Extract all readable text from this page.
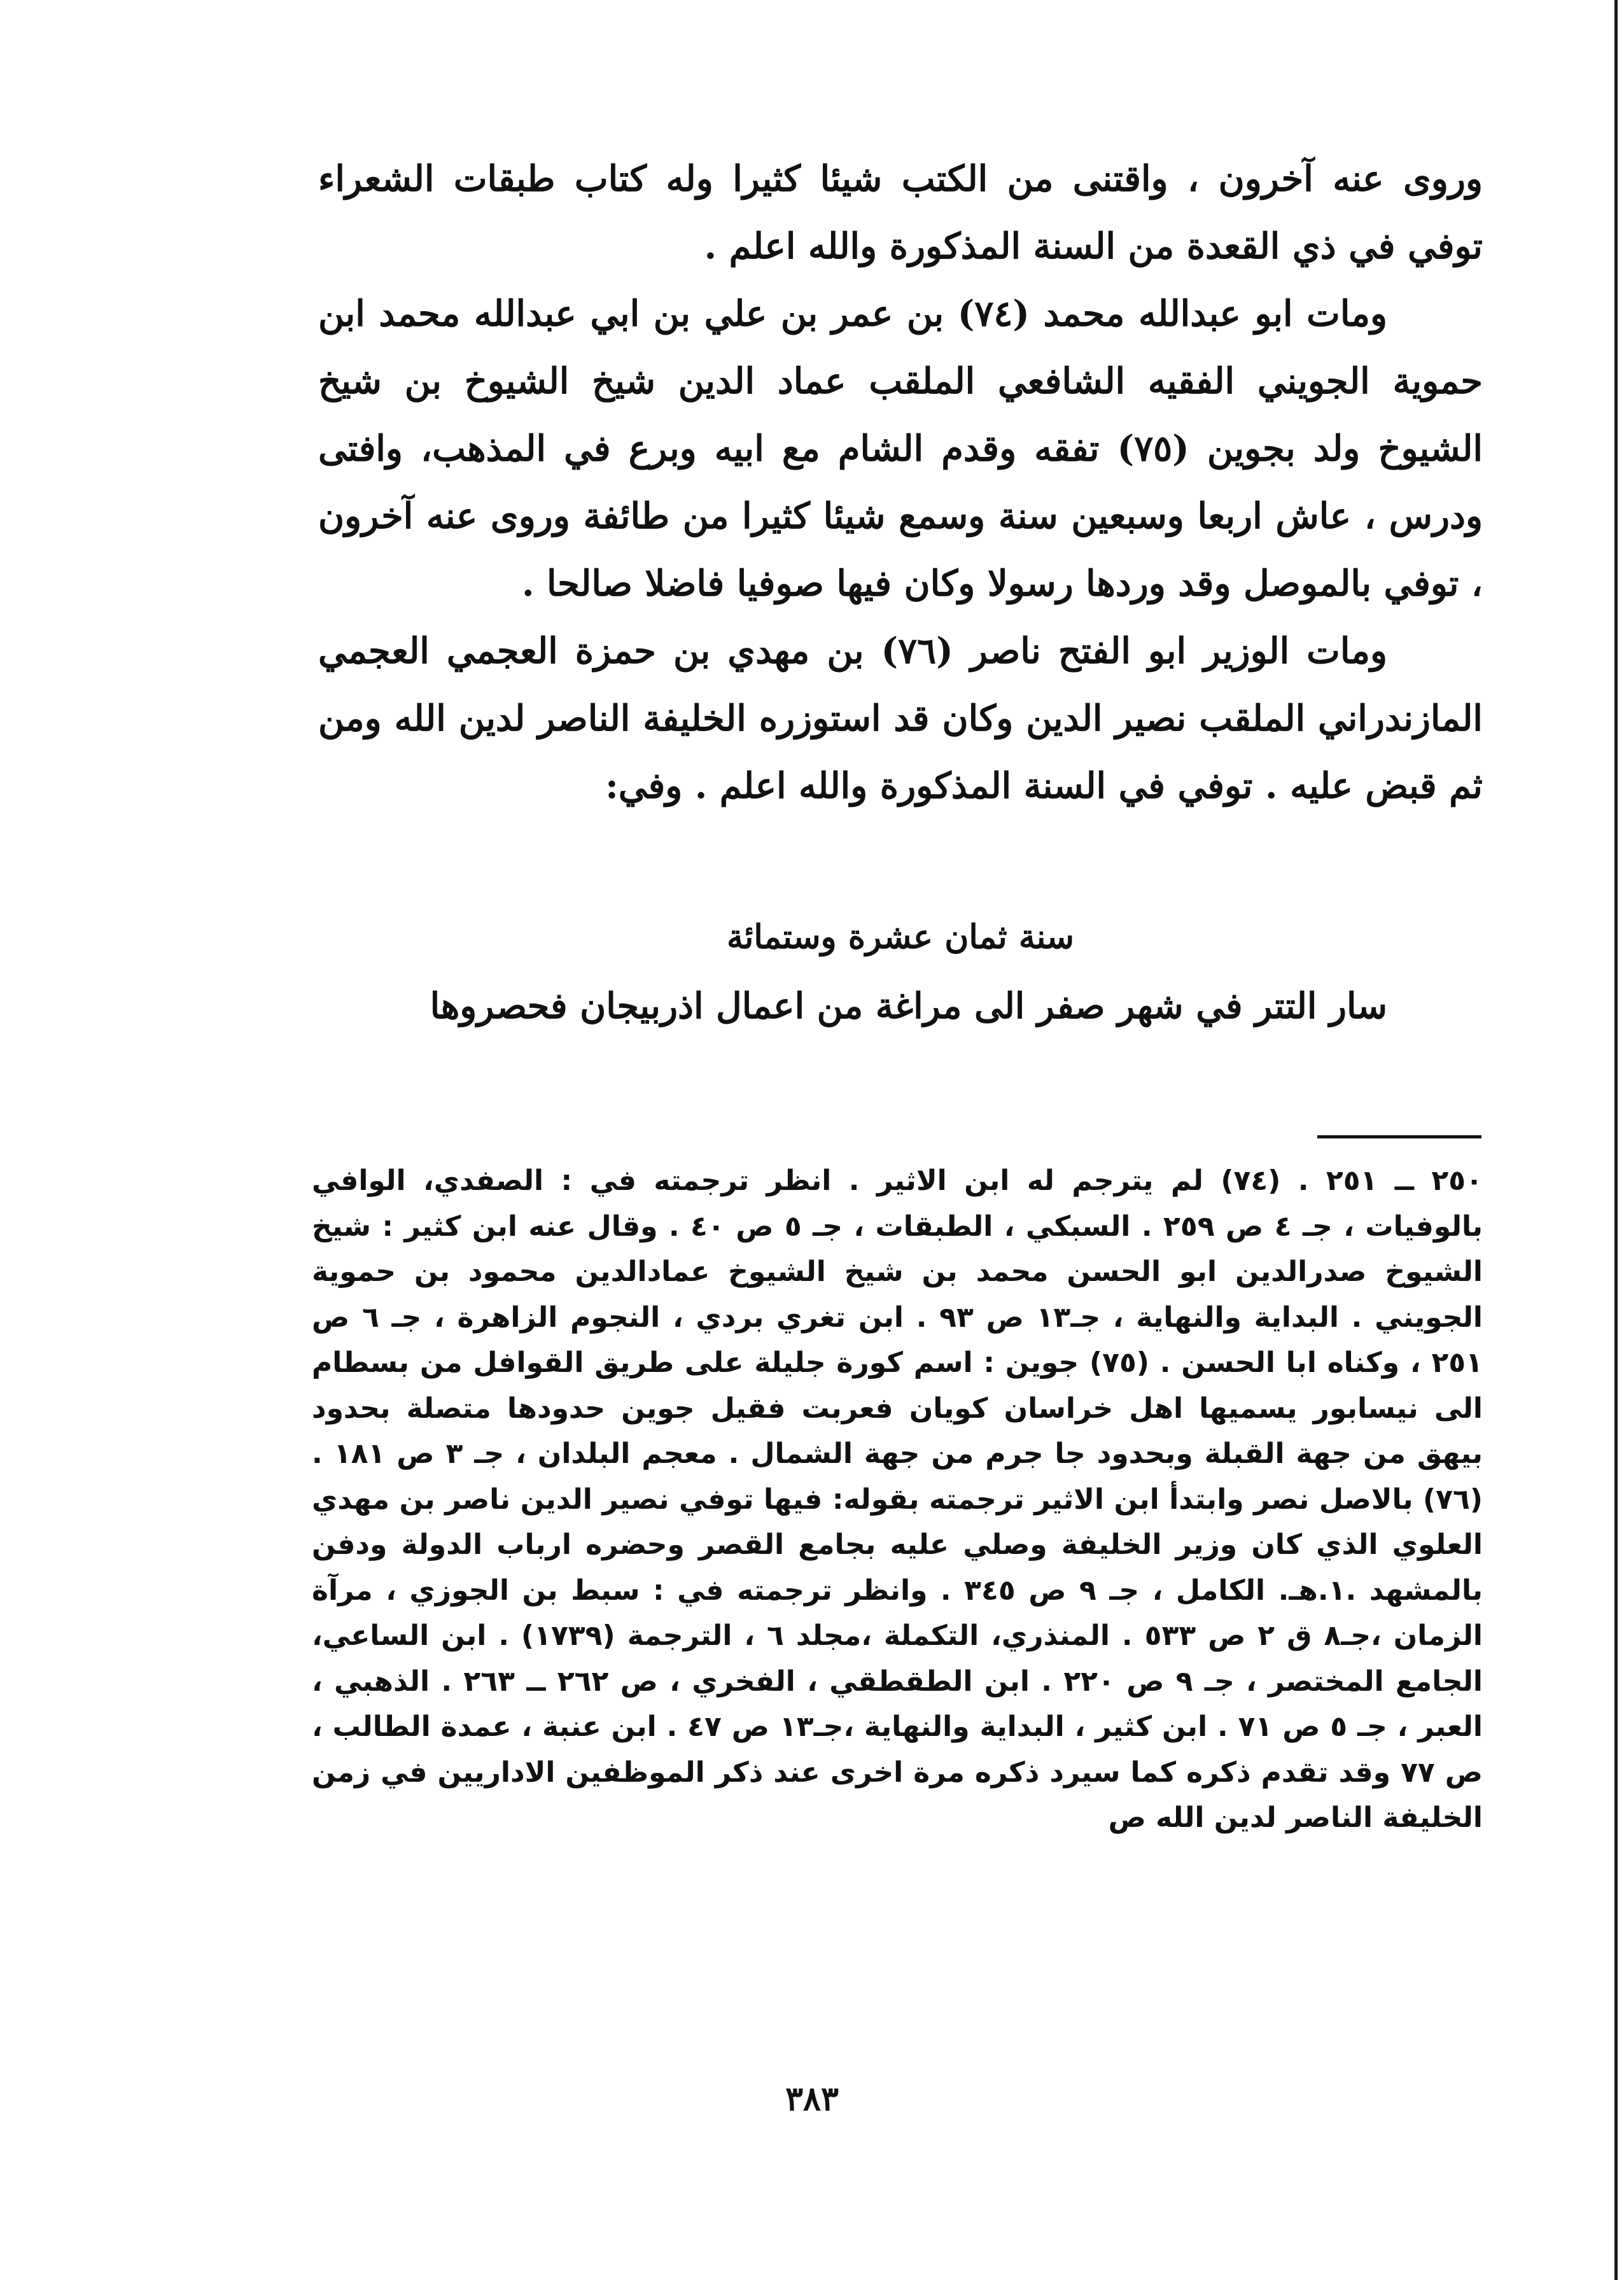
وروى عنه آخرون ، واقتنى من الكتب شيئا كثيرا وله كتاب طبقات الشعراء توفي في ذي القعدة من السنة المذكورة والله اعلم .

ومات ابو عبدالله محمد (٧٤) بن عمر بن علي بن ابي عبدالله محمد ابن حموية الجويني الفقيه الشافعي الملقب عماد الدين شيخ الشيوخ بن شيخ الشيوخ ولد بجوين (٧٥) تفقه وقدم الشام مع ابيه وبرع في المذهب، وافتى ودرس ، عاش اربعا وسبعين سنة وسمع شيئا كثيرا من طائفة وروى عنه آخرون ، توفي بالموصل وقد وردها رسولا وكان فيها صوفيا فاضلا صالحا .

ومات الوزير ابو الفتح ناصر (٧٦) بن مهدي بن حمزة العجمي العجمي المازندراني الملقب نصير الدين وكان قد استوزره الخليفة الناصر لدين الله ومن ثم قبض عليه . توفي في السنة المذكورة والله اعلم . وفي:

سنة ثمان عشرة وستمائة
سار التتر في شهر صفر الى مراغة من اعمال اذربيجان فحصروها
٢٥٠ ــ ٢٥١ . (٧٤) لم يترجم له ابن الاثير . انظر ترجمته في : الصفدي، الوافي بالوفيات ، جـ ٤ ص ٢٥٩ . السبكي ، الطبقات ، جـ ٥ ص ٤٠ . وقال عنه ابن كثير : شيخ الشيوخ صدرالدين ابو الحسن محمد بن شيخ الشيوخ عمادالدين محمود بن حموية الجويني . البداية والنهاية ، جـ١٣ ص ٩٣ . ابن تغري بردي ، النجوم الزاهرة ، جـ ٦ ص ٢٥١ ، وكناه ابا الحسن . (٧٥) جوين : اسم كورة جليلة على طريق القوافل من بسطام الى نيسابور يسميها اهل خراسان كويان فعربت فقيل جوين حدودها متصلة بحدود بيهق من جهة القبلة وبحدود جا جرم من جهة الشمال . معجم البلدان ، جـ ٣ ص ١٨١ . (٧٦) بالاصل نصر وابتدأ ابن الاثير ترجمته بقوله: فيها توفي نصير الدين ناصر بن مهدي العلوي الذي كان وزير الخليفة وصلي عليه بجامع القصر وحضره ارباب الدولة ودفن بالمشهد .١.هـ. الكامل ، جـ ٩ ص ٣٤٥ . وانظر ترجمته في : سبط بن الجوزي ، مرآة الزمان ،جـ٨ ق ٢ ص ٥٣٣ . المنذري، التكملة ،مجلد ٦ ، الترجمة (١٧٣٩) . ابن الساعي، الجامع المختصر ، جـ ٩ ص ٢٢٠ . ابن الطقطقي ، الفخري ، ص ٢٦٢ ــ ٢٦٣ . الذهبي ، العبر ، جـ ٥ ص ٧١ . ابن كثير ، البداية والنهاية ،جـ١٣ ص ٤٧ . ابن عنبة ، عمدة الطالب ، ص ٧٧ وقد تقدم ذكره كما سيرد ذكره مرة اخرى عند ذكر الموظفين الاداريين في زمن الخليفة الناصر لدين الله ص
٣٨٣
